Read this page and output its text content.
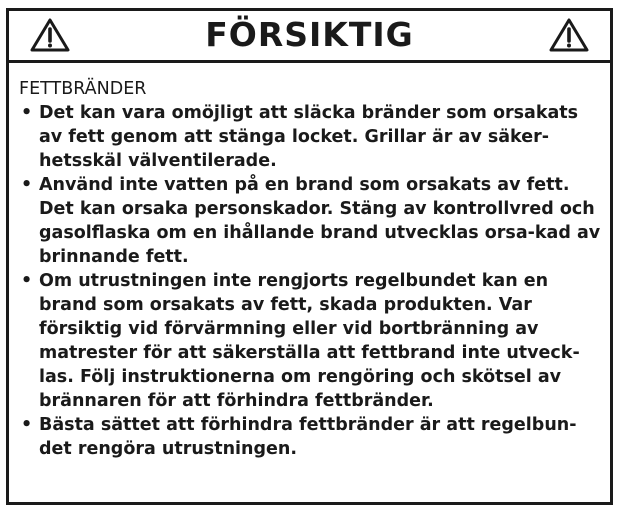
FÖRSIKTIG
FETTBRÄNDER
• Det kan vara omöjligt att släcka bränder som orsakats av fett genom att stänga locket. Grillar är av säker-hetsskäl välventilerade.
• Använd inte vatten på en brand som orsakats av fett. Det kan orsaka personskador. Stäng av kontrollvred och gasolflaska om en ihållande brand utvecklas orsa-kad av brinnande fett.
• Om utrustningen inte rengjorts regelbundet kan en brand som orsakats av fett, skada produkten. Var försiktig vid förvärmning eller vid bortbränning av matrester för att säkerställa att fettbrand inte utveck-las. Följ instruktionerna om rengöring och skötsel av brännaren för att förhindra fettbränder.
• Bästa sättet att förhindra fettbränder är att regelbun-det rengöra utrustningen.
